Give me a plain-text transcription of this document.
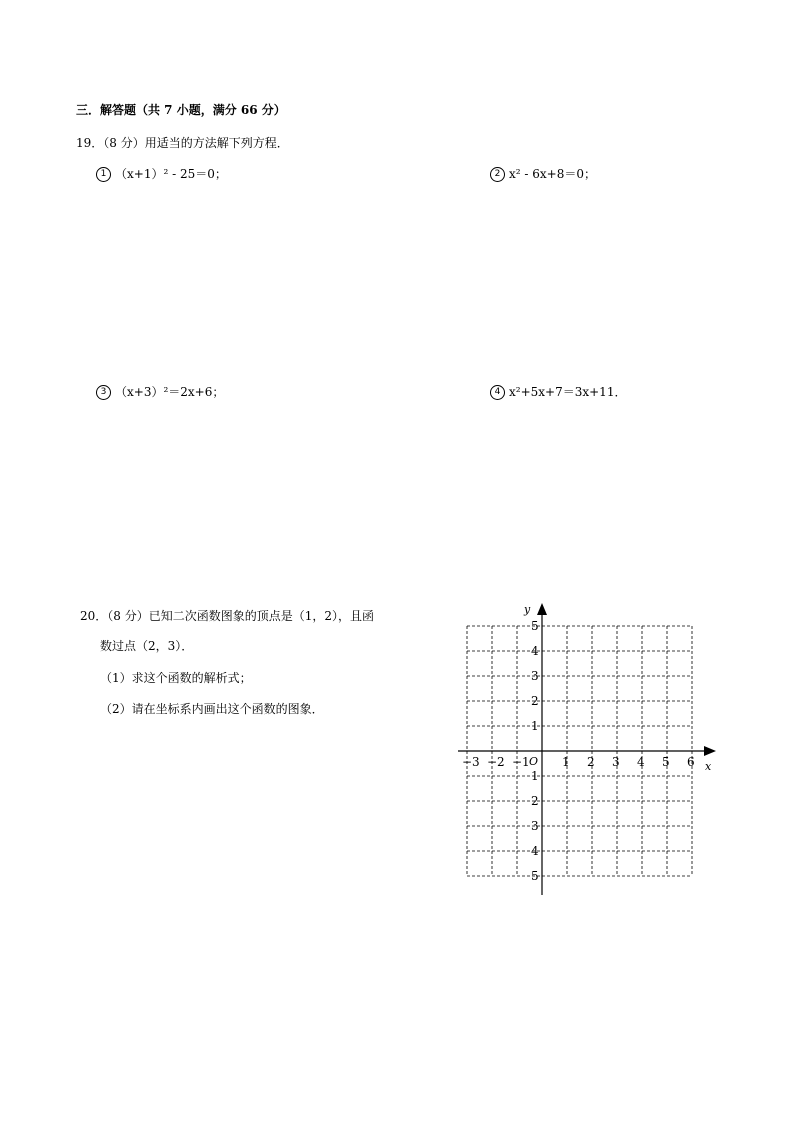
三．解答题（共 7 小题，满分 66 分）
19．（8 分）用适当的方法解下列方程．
1 （x+1）² - 25＝0；	2 x² - 6x+8＝0；
3 （x+3）²＝2x+6；	4 x²+5x+7＝3x+11．
20．（8 分）已知二次函数图象的顶点是（1，2），且函
数过点（2，3）．
（1）求这个函数的解析式；
（2）请在坐标系内画出这个函数的图象．
−3 −2 −1	1 2 3 4 5 6
1
2
3
4
5
1
2
3
4
5
x
y
O
